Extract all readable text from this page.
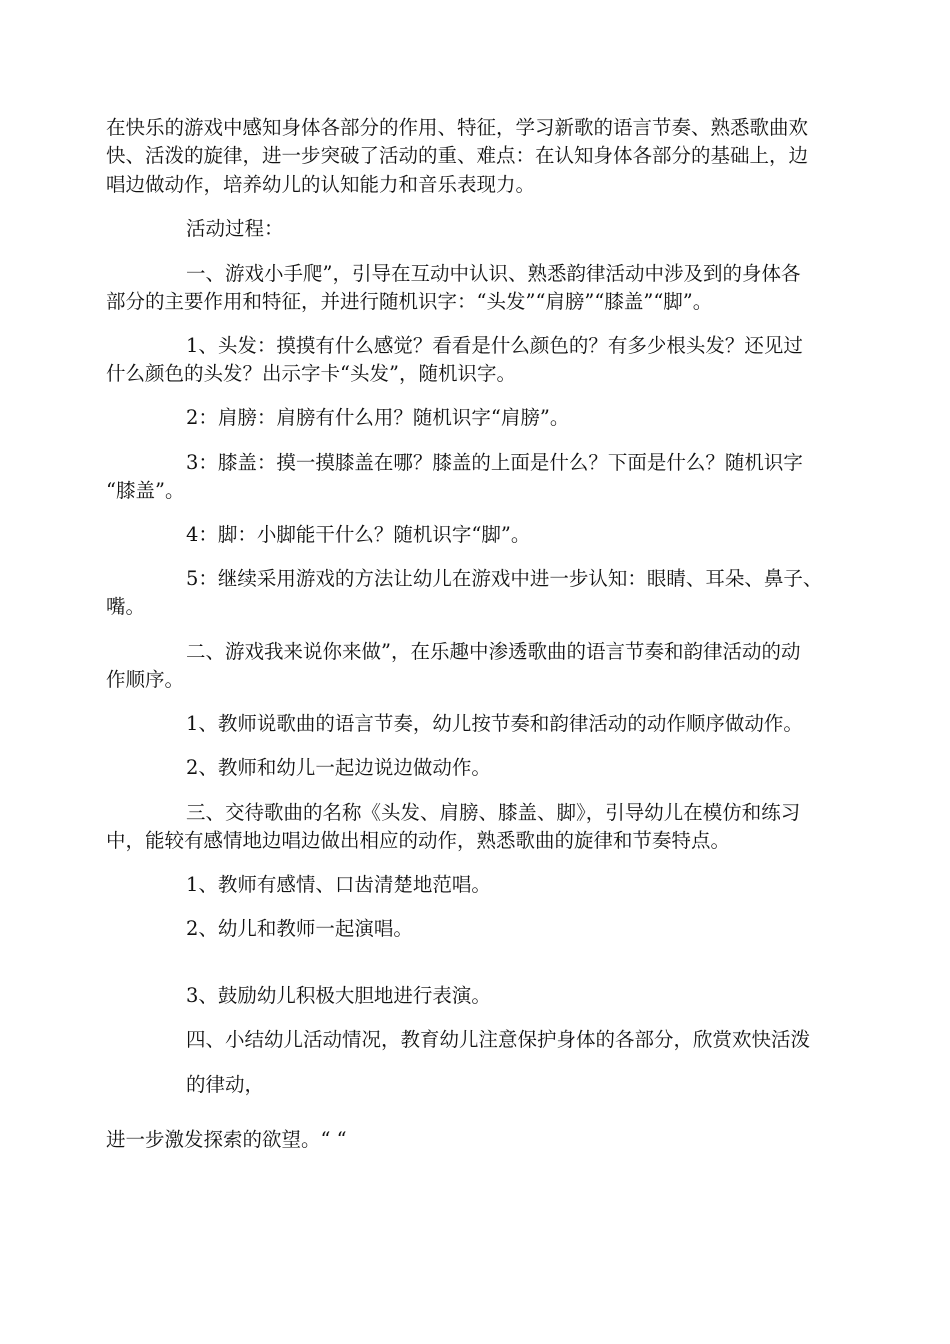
在快乐的游戏中感知身体各部分的作用、特征，学习新歌的语言节奏、熟悉歌曲欢
快、活泼的旋律，进一步突破了活动的重、难点：在认知身体各部分的基础上，边
唱边做动作，培养幼儿的认知能力和音乐表现力。
活动过程：
一、游戏小手爬”，引导在互动中认识、熟悉韵律活动中涉及到的身体各
部分的主要作用和特征，并进行随机识字：“头发”“肩膀”“膝盖”“脚”。
1、头发：摸摸有什么感觉？看看是什么颜色的？有多少根头发？还见过
什么颜色的头发？出示字卡“头发”，随机识字。
2：肩膀：肩膀有什么用？随机识字“肩膀”。
3：膝盖：摸一摸膝盖在哪？膝盖的上面是什么？下面是什么？随机识字
“膝盖”。
4：脚：小脚能干什么？随机识字“脚”。
5：继续采用游戏的方法让幼儿在游戏中进一步认知：眼睛、耳朵、鼻子、
嘴。
二、游戏我来说你来做”，在乐趣中渗透歌曲的语言节奏和韵律活动的动
作顺序。
1、教师说歌曲的语言节奏，幼儿按节奏和韵律活动的动作顺序做动作。
2、教师和幼儿一起边说边做动作。
三、交待歌曲的名称《头发、肩膀、膝盖、脚》，引导幼儿在模仿和练习
中，能较有感情地边唱边做出相应的动作，熟悉歌曲的旋律和节奏特点。
1、教师有感情、口齿清楚地范唱。
2、幼儿和教师一起演唱。
3、鼓励幼儿积极大胆地进行表演。
四、小结幼儿活动情况，教育幼儿注意保护身体的各部分，欣赏欢快活泼
的律动，
进一步激发探索的欲望。“ “
